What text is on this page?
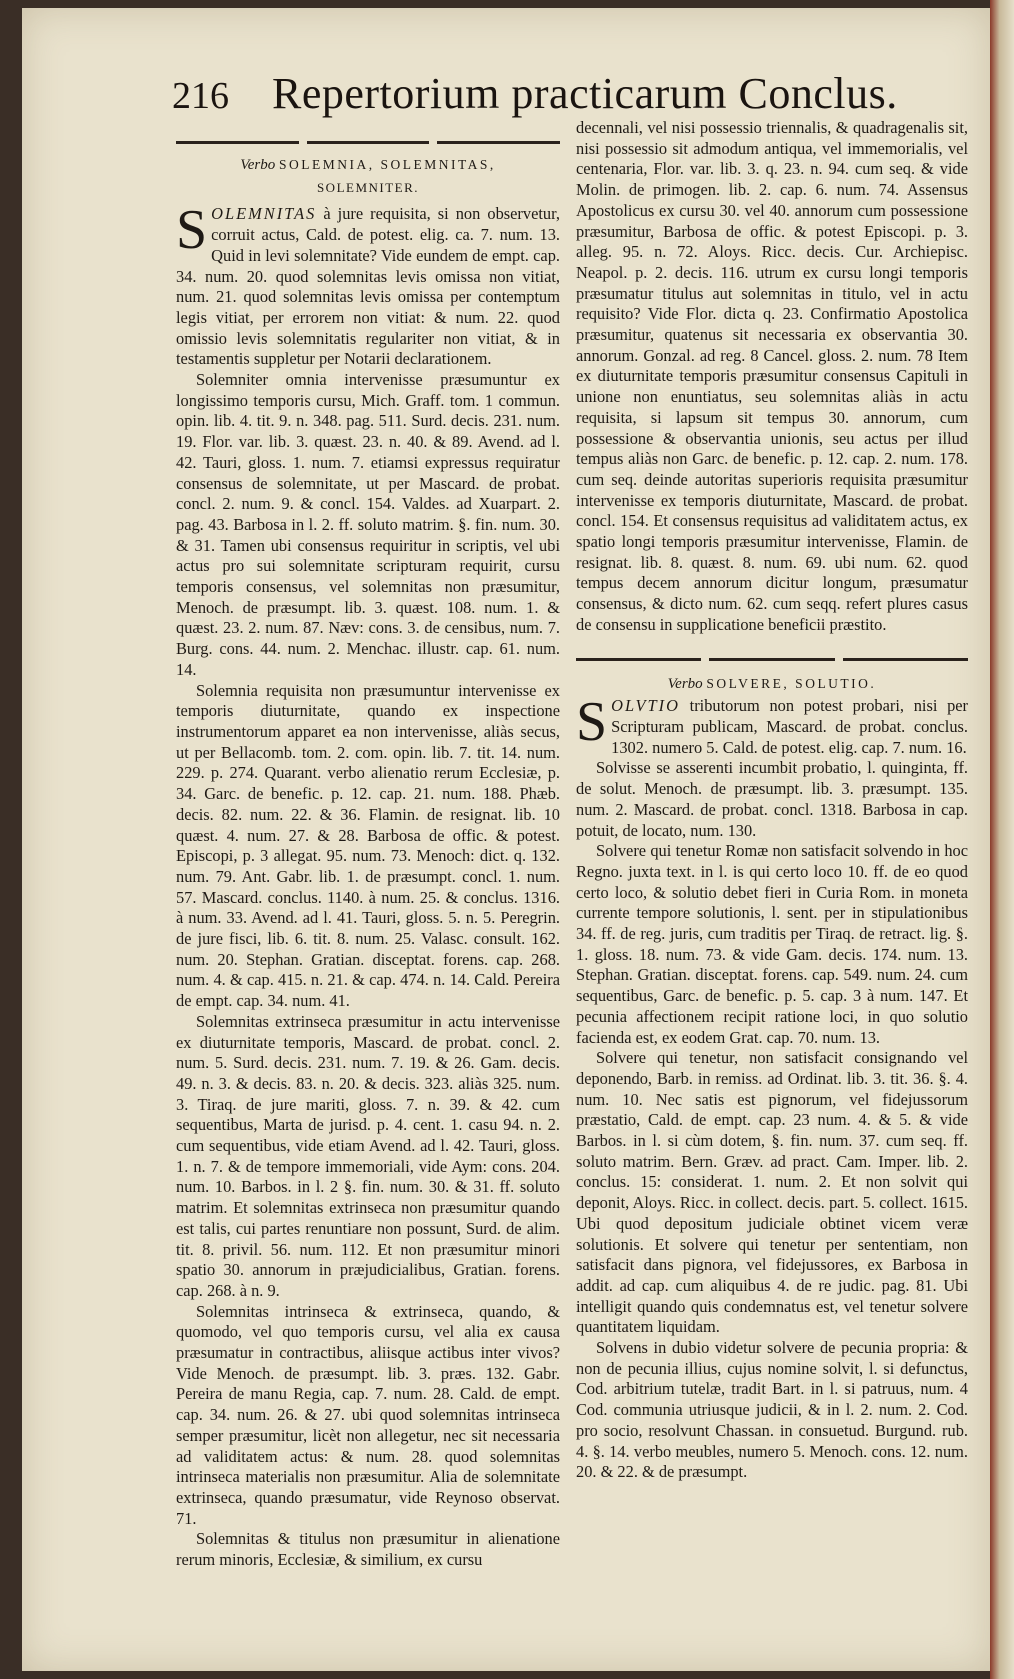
216 Repertorium practicarum Conclus.
Verbo SOLEMNIA, SOLEMNITAS,
SOLEMNITER.

S OLEMNITAS à jure requisita, si non observetur, corruit actus, Cald. de potest. elig. ca. 7. num. 13. Quid in levi solemnitate? Vide eundem de empt. cap. 34. num. 20. quod solemnitas levis omissa non vitiat, num. 21. quod solemnitas levis omissa per contemptum legis vitiat, per errorem non vitiat: & num. 22. quod omissio levis solemnitatis regulariter non vitiat, & in testamentis suppletur per Notarii declarationem.

Solemniter omnia intervenisse præsumuntur ex longissimo temporis cursu, Mich. Graff. tom. 1 commun. opin. lib. 4. tit. 9. n. 348. pag. 511. Surd. decis. 231. num. 19. Flor. var. lib. 3. quæst. 23. n. 40. & 89. Avend. ad l. 42. Tauri, gloss. 1. num. 7. etiamsi expressus requiratur consensus de solemnitate, ut per Mascard. de probat. concl. 2. num. 9. & concl. 154. Valdes. ad Xuarpart. 2. pag. 43. Barbosa in l. 2. ff. soluto matrim. §. fin. num. 30. & 31. Tamen ubi consensus requiritur in scriptis, vel ubi actus pro sui solemnitate scripturam requirit, cursu temporis consensus, vel solemnitas non præsumitur, Menoch. de præsumpt. lib. 3. quæst. 108. num. 1. & quæst. 23. 2. num. 87. Næv: cons. 3. de censibus, num. 7. Burg. cons. 44. num. 2. Menchac. illustr. cap. 61. num. 14.

Solemnia requisita non præsumuntur intervenisse ex temporis diuturnitate, quando ex inspectione instrumentorum apparet ea non intervenisse, aliàs secus, ut per Bellacomb. tom. 2. com. opin. lib. 7. tit. 14. num. 229. p. 274. Quarant. verbo alienatio rerum Ecclesiæ, p. 34. Garc. de benefic. p. 12. cap. 21. num. 188. Phæb. decis. 82. num. 22. & 36. Flamin. de resignat. lib. 10 quæst. 4. num. 27. & 28. Barbosa de offic. & potest. Episcopi, p. 3 allegat. 95. num. 73. Menoch: dict. q. 132. num. 79. Ant. Gabr. lib. 1. de præsumpt. concl. 1. num. 57. Mascard. conclus. 1140. à num. 25. & conclus. 1316. à num. 33. Avend. ad l. 41. Tauri, gloss. 5. n. 5. Peregrin. de jure fisci, lib. 6. tit. 8. num. 25. Valasc. consult. 162. num. 20. Stephan. Gratian. disceptat. forens. cap. 268. num. 4. & cap. 415. n. 21. & cap. 474. n. 14. Cald. Pereira de empt. cap. 34. num. 41.

Solemnitas extrinseca præsumitur in actu intervenisse ex diuturnitate temporis, Mascard. de probat. concl. 2. num. 5. Surd. decis. 231. num. 7. 19. & 26. Gam. decis. 49. n. 3. & decis. 83. n. 20. & decis. 323. aliàs 325. num. 3. Tiraq. de jure mariti, gloss. 7. n. 39. & 42. cum sequentibus, Marta de jurisd. p. 4. cent. 1. casu 94. n. 2. cum sequentibus, vide etiam Avend. ad l. 42. Tauri, gloss. 1. n. 7. & de tempore immemoriali, vide Aym: cons. 204. num. 10. Barbos. in l. 2 §. fin. num. 30. & 31. ff. soluto matrim. Et solemnitas extrinseca non præsumitur quando est talis, cui partes renuntiare non possunt, Surd. de alim. tit. 8. privil. 56. num. 112. Et non præsumitur minori spatio 30. annorum in præjudicialibus, Gratian. forens. cap. 268. à n. 9.

Solemnitas intrinseca & extrinseca, quando, & quomodo, vel quo temporis cursu, vel alia ex causa præsumatur in contractibus, aliisque actibus inter vivos? Vide Menoch. de præsumpt. lib. 3. præs. 132. Gabr. Pereira de manu Regia, cap. 7. num. 28. Cald. de empt. cap. 34. num. 26. & 27. ubi quod solemnitas intrinseca semper præsumitur, licèt non allegetur, nec sit necessaria ad validitatem actus: & num. 28. quod solemnitas intrinseca materialis non præsumitur. Alia de solemnitate extrinseca, quando præsumatur, vide Reynoso observat. 71.

Solemnitas & titulus non præsumitur in alienatione rerum minoris, Ecclesiæ, & similium, ex cursu

decennali, vel nisi possessio triennalis, & quadragenalis sit, nisi possessio sit admodum antiqua, vel immemorialis, vel centenaria, Flor. var. lib. 3. q. 23. n. 94. cum seq. & vide Molin. de primogen. lib. 2. cap. 6. num. 74. Assensus Apostolicus ex cursu 30. vel 40. annorum cum possessione præsumitur, Barbosa de offic. & potest Episcopi. p. 3. alleg. 95. n. 72. Aloys. Ricc. decis. Cur. Archiepisc. Neapol. p. 2. decis. 116. utrum ex cursu longi temporis præsumatur titulus aut solemnitas in titulo, vel in actu requisito? Vide Flor. dicta q. 23. Confirmatio Apostolica præsumitur, quatenus sit necessaria ex observantia 30. annorum. Gonzal. ad reg. 8 Cancel. gloss. 2. num. 78 Item ex diuturnitate temporis præsumitur consensus Capituli in unione non enuntiatus, seu solemnitas aliàs in actu requisita, si lapsum sit tempus 30. annorum, cum possessione & observantia unionis, seu actus per illud tempus aliàs non Garc. de benefic. p. 12. cap. 2. num. 178. cum seq. deinde autoritas superioris requisita præsumitur intervenisse ex temporis diuturnitate, Mascard. de probat. concl. 154. Et consensus requisitus ad validitatem actus, ex spatio longi temporis præsumitur intervenisse, Flamin. de resignat. lib. 8. quæst. 8. num. 69. ubi num. 62. quod tempus decem annorum dicitur longum, præsumatur consensus, & dicto num. 62. cum seqq. refert plures casus de consensu in supplicatione beneficii præstito.

Verbo SOLVERE, SOLUTIO.

S OLVTIO tributorum non potest probari, nisi per Scripturam publicam, Mascard. de probat. conclus. 1302. numero 5. Cald. de potest. elig. cap. 7. num. 16.

Solvisse se asserenti incumbit probatio, l. quinginta, ff. de solut. Menoch. de præsumpt. lib. 3. præsumpt. 135. num. 2. Mascard. de probat. concl. 1318. Barbosa in cap. potuit, de locato, num. 130.

Solvere qui tenetur Romæ non satisfacit solvendo in hoc Regno. juxta text. in l. is qui certo loco 10. ff. de eo quod certo loco, & solutio debet fieri in Curia Rom. in moneta currente tempore solutionis, l. sent. per in stipulationibus 34. ff. de reg. juris, cum traditis per Tiraq. de retract. lig. §. 1. gloss. 18. num. 73. & vide Gam. decis. 174. num. 13. Stephan. Gratian. disceptat. forens. cap. 549. num. 24. cum sequentibus, Garc. de benefic. p. 5. cap. 3 à num. 147. Et pecunia affectionem recipit ratione loci, in quo solutio facienda est, ex eodem Grat. cap. 70. num. 13.

Solvere qui tenetur, non satisfacit consignando vel deponendo, Barb. in remiss. ad Ordinat. lib. 3. tit. 36. §. 4. num. 10. Nec satis est pignorum, vel fidejussorum præstatio, Cald. de empt. cap. 23 num. 4. & 5. & vide Barbos. in l. si cùm dotem, §. fin. num. 37. cum seq. ff. soluto matrim. Bern. Græv. ad pract. Cam. Imper. lib. 2. conclus. 15: considerat. 1. num. 2. Et non solvit qui deponit, Aloys. Ricc. in collect. decis. part. 5. collect. 1615. Ubi quod depositum judiciale obtinet vicem veræ solutionis. Et solvere qui tenetur per sententiam, non satisfacit dans pignora, vel fidejussores, ex Barbosa in addit. ad cap. cum aliquibus 4. de re judic. pag. 81. Ubi intelligit quando quis condemnatus est, vel tenetur solvere quantitatem liquidam.

Solvens in dubio videtur solvere de pecunia propria: & non de pecunia illius, cujus nomine solvit, l. si defunctus, Cod. arbitrium tutelæ, tradit Bart. in l. si patruus, num. 4 Cod. communia utriusque judicii, & in l. 2. num. 2. Cod. pro socio, resolvunt Chassan. in consuetud. Burgund. rub. 4. §. 14. verbo meubles, numero 5. Menoch. cons. 12. num. 20. & 22. & de præsumpt.
